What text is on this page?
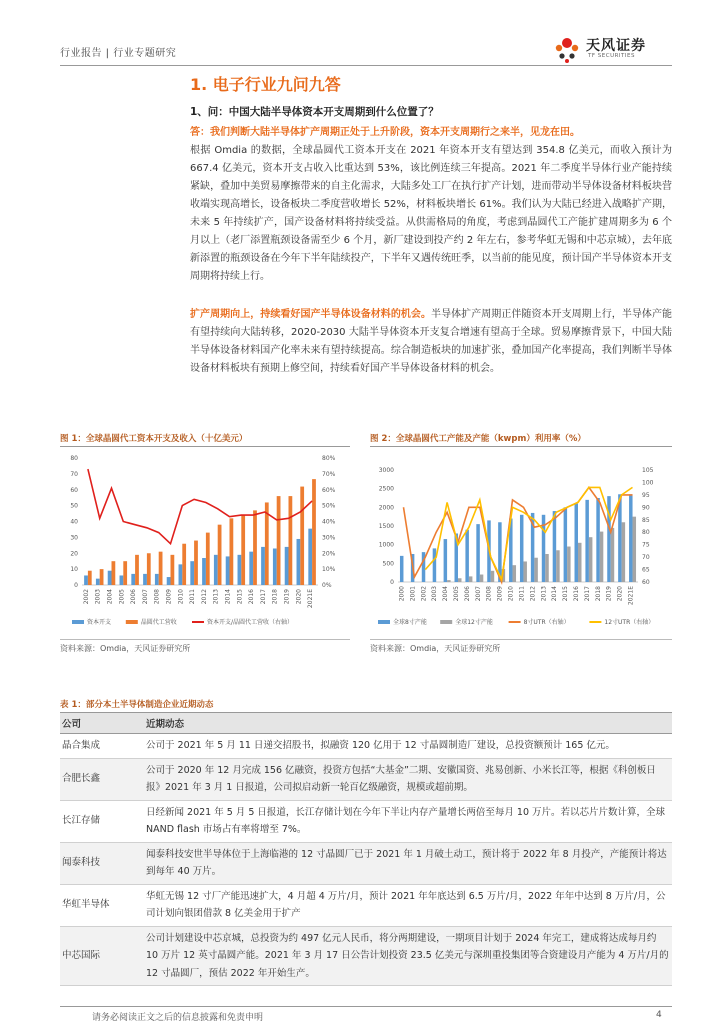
行业报告 | 行业专题研究	天风证券
TF SECURITIES
1. 电子行业九问九答
1、问：中国大陆半导体资本开支周期到什么位置了？
答：我们判断大陆半导体扩产周期正处于上升阶段，资本开支周期行之来半，见龙在田。
根据 Omdia 的数据，全球晶圆代工资本开支在 2021 年资本开支有望达到 354.8 亿美元，而收入预计为 667.4 亿美元，资本开支占收入比重达到 53%，该比例连续三年提高。2021 年二季度半导体行业产能持续紧缺，叠加中美贸易摩擦带来的自主化需求，大陆多处工厂在执行扩产计划，进而带动半导体设备材料板块营收端实现高增长，设备板块二季度营收增长 52%，材料板块增长 61%。我们认为大陆已经进入战略扩产期，未来 5 年持续扩产，国产设备材料将持续受益。从供需格局的角度，考虑到晶圆代工产能扩建周期多为 6 个月以上（老厂添置瓶颈设备需至少 6 个月，新厂建设到投产约 2 年左右，参考华虹无锡和中芯京城），去年底新添置的瓶颈设备在今年下半年陆续投产，下半年又遇传统旺季，以当前的能见度，预计国产半导体资本开支周期将持续上行。
扩产周期向上，持续看好国产半导体设备材料的机会。半导体扩产周期正伴随资本开支周期上行，半导体产能有望持续向大陆转移，2020-2030 大陆半导体资本开支复合增速有望高于全球。贸易摩擦背景下，中国大陆半导体设备材料国产化率未来有望持续提高。综合制造板块的加速扩张，叠加国产化率提高，我们判断半导体设备材料板块有预期上修空间，持续看好国产半导体设备材料的机会。
图 1：全球晶圆代工资本开支及收入（十亿美元）
0
10
20
30
40
50
60
70
80
0%
10%
20%
30%
40%
50%
60%
70%
80%
2002 2003 2004 2005 2006 2007 2008 2009 2010 2011 2012 2013 2014 2015 2016 2017 2018 2019 2020 2021E
资本开支	晶圆代工营收	资本开支/晶圆代工营收（右轴）
资料来源：Omdia，天风证券研究所
图 2：全球晶圆代工产能及产能（kwpm）利用率（%）
0
500
1000
1500
2000
2500
3000
60
65
70
75
80
85
90
95
100
105
2000 2001 2002 2003 2004 2005 2006 2007 2008 2009 2010 2011 2012 2013 2014 2015 2016 2017 2018 2019 2020 2021E
全球8寸产能	全球12寸产能	8寸UTR（右轴）	12寸UTR（右轴）
资料来源：Omdia，天风证券研究所
表 1：部分本土半导体制造企业近期动态
公司	近期动态
晶合集成	公司于 2021 年 5 月 11 日递交招股书，拟融资 120 亿用于 12 寸晶圆制造厂建设，总投资额预计 165 亿元。
合肥长鑫	公司于 2020 年 12 月完成 156 亿融资，投资方包括“大基金”二期、安徽国资、兆易创新、小米长江等，根据《科创板日报》2021 年 3 月 1 日报道，公司拟启动新一轮百亿级融资，规模或超前期。
长江存储	日经新闻 2021 年 5 月 5 日报道，长江存储计划在今年下半让内存产量增长两倍至每月 10 万片。若以芯片片数计算，全球 NAND flash 市场占有率将增至 7%。
闻泰科技	闻泰科技安世半导体位于上海临港的 12 寸晶圆厂已于 2021 年 1 月破土动工，预计将于 2022 年 8 月投产，产能预计将达到每年 40 万片。
华虹半导体	华虹无锡 12 寸厂产能迅速扩大，4 月超 4 万片/月，预计 2021 年年底达到 6.5 万片/月，2022 年年中达到 8 万片/月，公司计划向银团借款 8 亿美金用于扩产
中芯国际	公司计划建设中芯京城，总投资为约 497 亿元人民币，将分两期建设，一期项目计划于 2024 年完工，建成将达成每月约 10 万片 12 英寸晶圆产能。2021 年 3 月 17 日公告计划投资 23.5 亿美元与深圳重投集团等合资建设月产能为 4 万片/月的 12 寸晶圆厂，预估 2022 年开始生产。
请务必阅读正文之后的信息披露和免责申明	4
